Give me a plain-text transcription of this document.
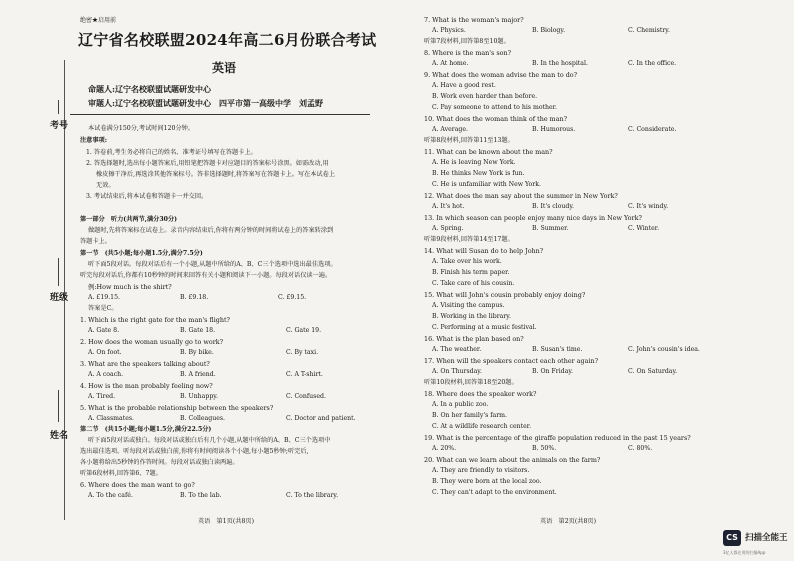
考号
班级
姓名
绝密★启用前
辽宁省名校联盟2024年高二6月份联合考试
英语
命题人:辽宁名校联盟试题研发中心
审题人:辽宁名校联盟试题研发中心　四平市第一高级中学　刘孟野
本试卷满分150分,考试时间120分钟。
注意事项:
1. 答卷前,考生务必将自己的姓名、准考证号填写在答题卡上。
2. 答选择题时,选出每小题答案后,用铅笔把答题卡对应题目的答案标号涂黑。如需改动,用
橡皮擦干净后,再选涂其他答案标号。答非选择题时,将答案写在答题卡上。写在本试卷上
无效。
3. 考试结束后,将本试卷和答题卡一并交回。
第一部分　听力(共两节,满分30分)
做题时,先将答案标在试卷上。录音内容结束后,你将有两分钟的时间将试卷上的答案转涂到
答题卡上。
第一节　(共5小题;每小题1.5分,满分7.5分)
听下面5段对话。每段对话后有一个小题,从题中所给的A、B、C三个选项中选出最佳选项。
听完每段对话后,你都有10秒钟的时间来回答有关小题和阅读下一小题。每段对话仅读一遍。
例:How much is the shirt?
A. £19.15.	B. £9.18.	C. £9.15.
答案是C。
1. Which is the right gate for the man's flight?
A. Gate 8.	B. Gate 18.	C. Gate 19.
2. How does the woman usually go to work?
A. On foot.	B. By bike.	C. By taxi.
3. What are the speakers talking about?
A. A coach.	B. A friend.	C. A T-shirt.
4. How is the man probably feeling now?
A. Tired.	B. Unhappy.	C. Confused.
5. What is the probable relationship between the speakers?
A. Classmates.	B. Colleagues.	C. Doctor and patient.
第二节　(共15小题;每小题1.5分,满分22.5分)
听下面5段对话或独白。每段对话或独白后有几个小题,从题中所给的A、B、C三个选项中
选出最佳选项。听每段对话或独白前,你将有时间阅读各个小题,每小题5秒钟;听完后,
各小题将给出5秒钟的作答时间。每段对话或独白读两遍。
听第6段材料,回答第6、7题。
6. Where does the man want to go?
A. To the café.	B. To the lab.	C. To the library.
英语　第1页(共8页)
7. What is the woman's major?
A. Physics.	B. Biology.	C. Chemistry.
听第7段材料,回答第8至10题。
8. Where is the man's son?
A. At home.	B. In the hospital.	C. In the office.
9. What does the woman advise the man to do?
A. Have a good rest.
B. Work even harder than before.
C. Pay someone to attend to his mother.
10. What does the woman think of the man?
A. Average.	B. Humorous.	C. Considerate.
听第8段材料,回答第11至13题。
11. What can be known about the man?
A. He is leaving New York.
B. He thinks New York is fun.
C. He is unfamiliar with New York.
12. What does the man say about the summer in New York?
A. It's hot.	B. It's cloudy.	C. It's windy.
13. In which season can people enjoy many nice days in New York?
A. Spring.	B. Summer.	C. Winter.
听第9段材料,回答第14至17题。
14. What will Susan do to help John?
A. Take over his work.
B. Finish his term paper.
C. Take care of his cousin.
15. What will John's cousin probably enjoy doing?
A. Visiting the campus.
B. Working in the library.
C. Performing at a music festival.
16. What is the plan based on?
A. The weather.	B. Susan's time.	C. John's cousin's idea.
17. When will the speakers contact each other again?
A. On Thursday.	B. On Friday.	C. On Saturday.
听第10段材料,回答第18至20题。
18. Where does the speaker work?
A. In a public zoo.
B. On her family's farm.
C. At a wildlife research center.
19. What is the percentage of the giraffe population reduced in the past 15 years?
A. 20%.	B. 50%.	C. 80%.
20. What can we learn about the animals on the farm?
A. They are friendly to visitors.
B. They were born at the local zoo.
C. They can't adapt to the environment.
英语　第2页(共8页)
CS 扫描全能王
3亿人都在用的扫描App
